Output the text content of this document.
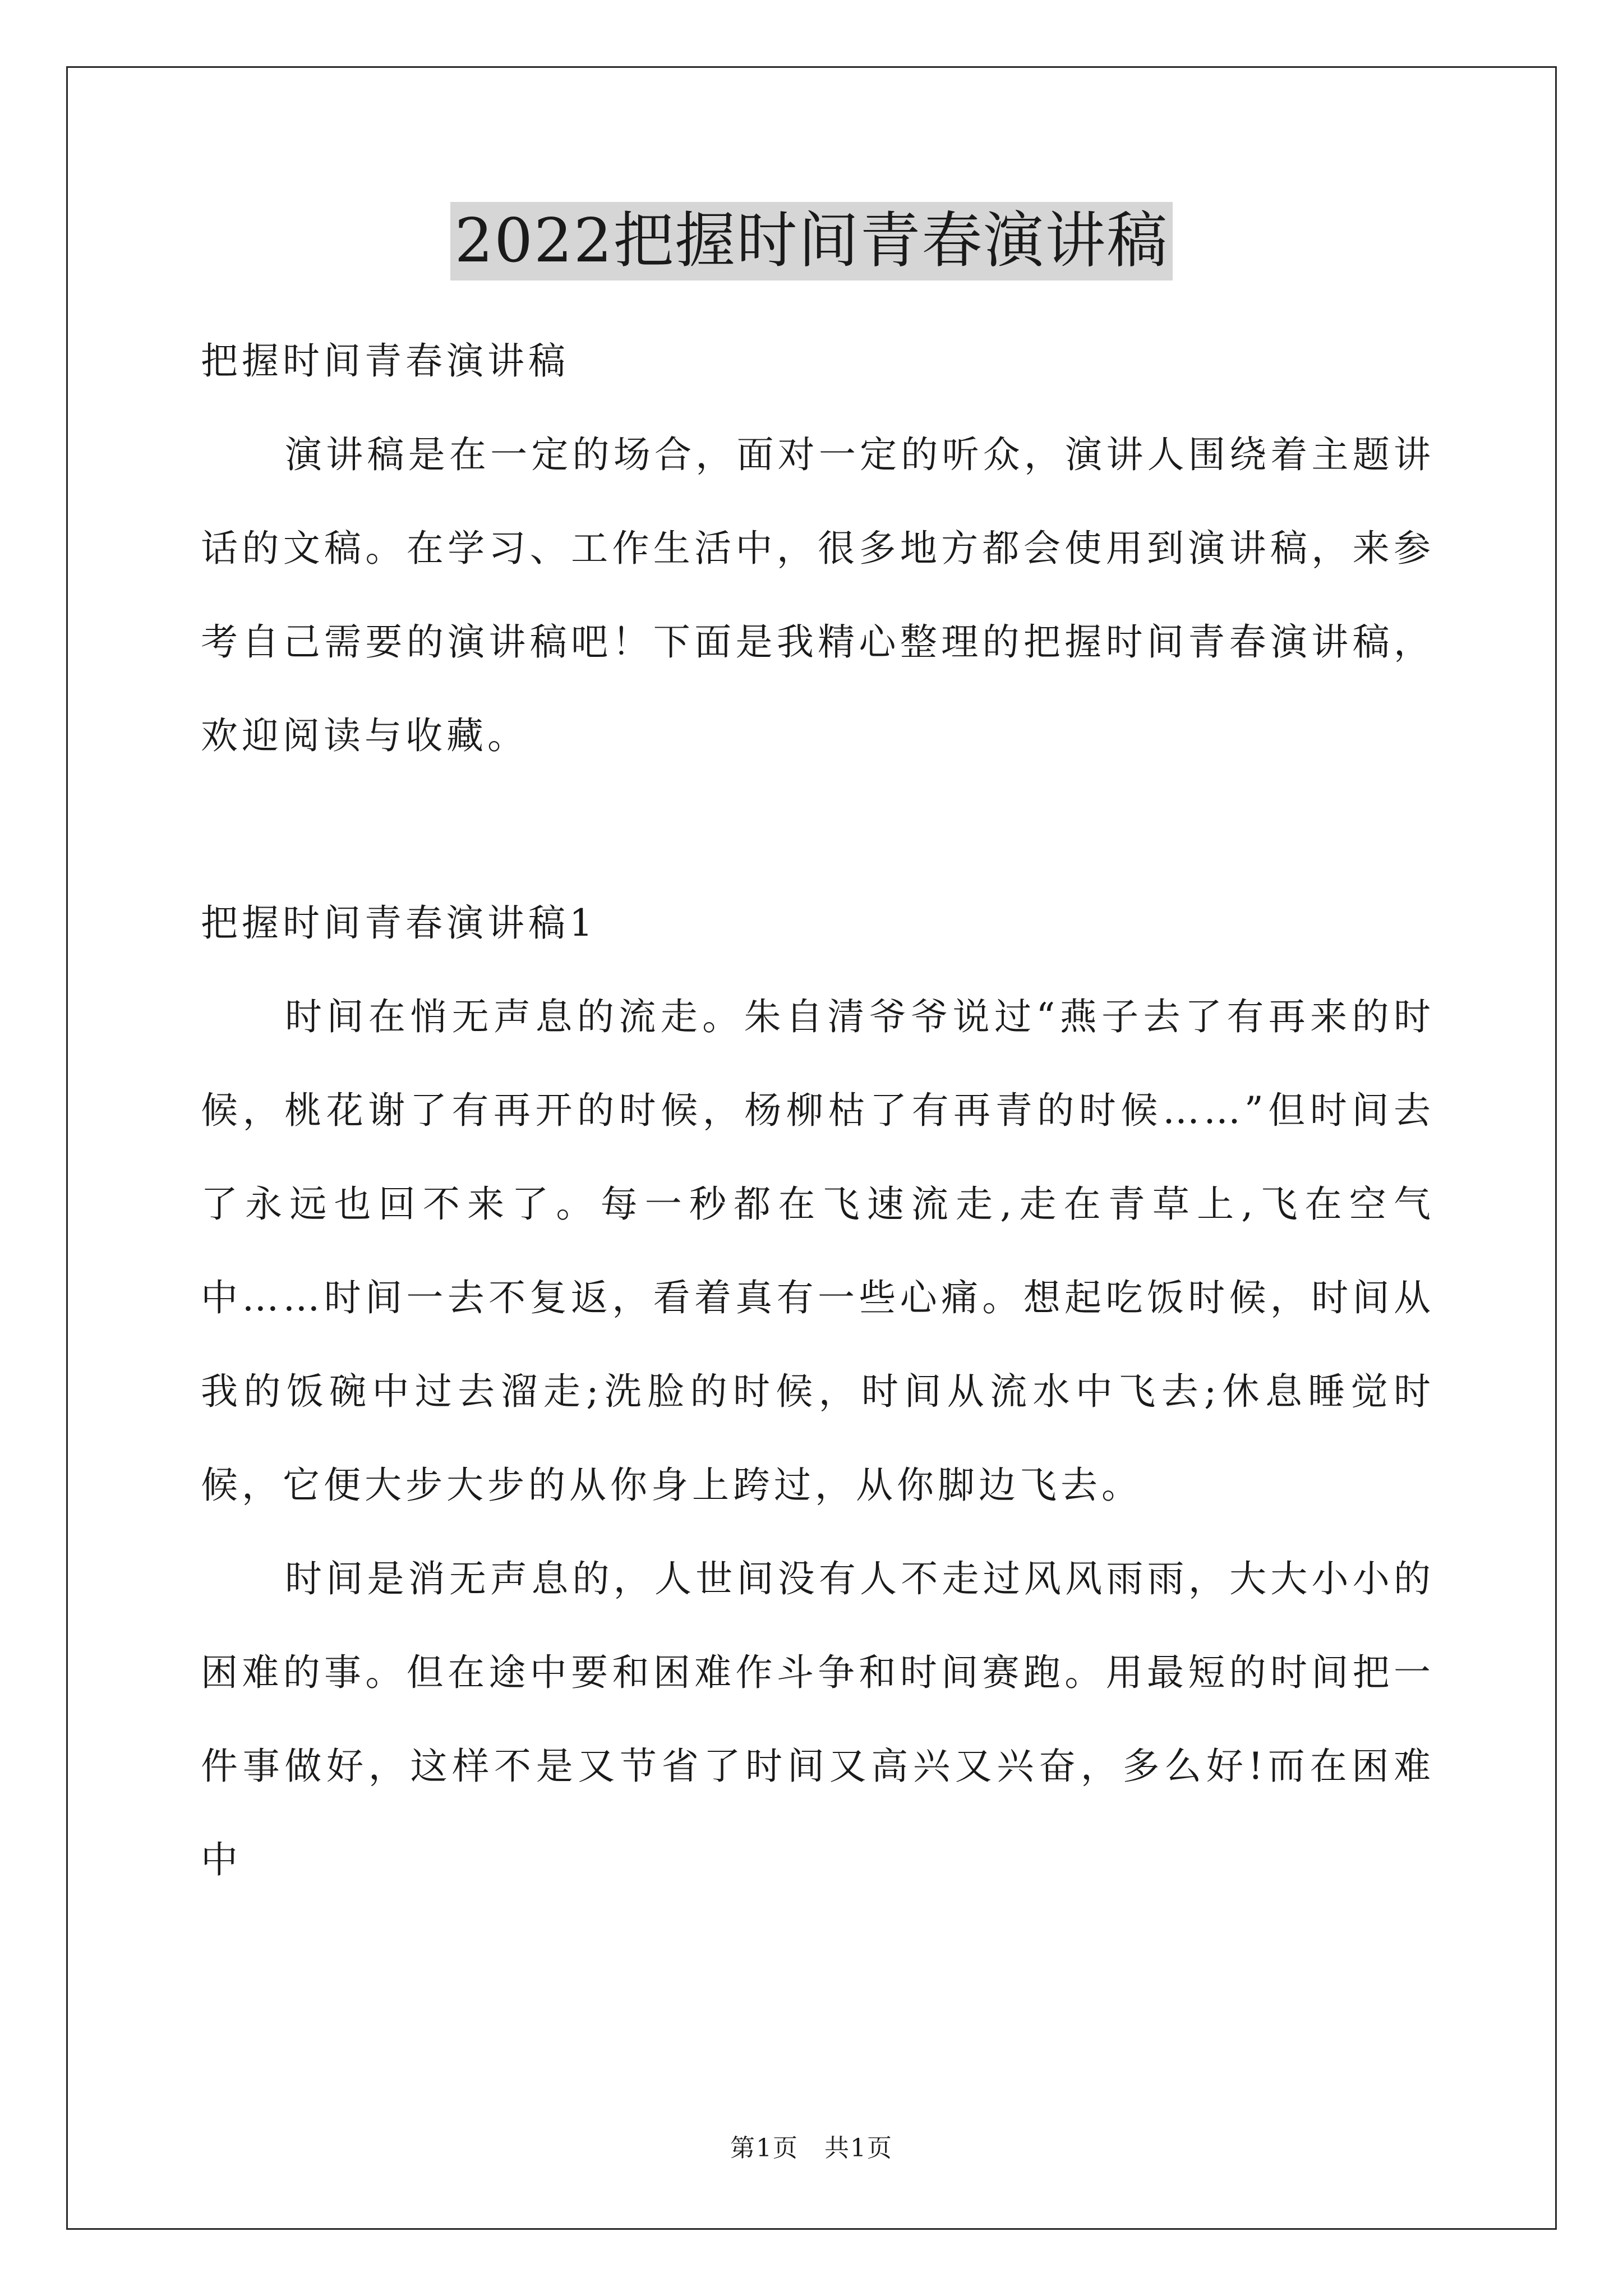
2022把握时间青春演讲稿

把握时间青春演讲稿

演讲稿是在一定的场合，面对一定的听众，演讲人围绕着主题讲话的文稿。在学习、工作生活中，很多地方都会使用到演讲稿，来参考自己需要的演讲稿吧！下面是我精心整理的把握时间青春演讲稿，欢迎阅读与收藏。

把握时间青春演讲稿1

时间在悄无声息的流走。朱自清爷爷说过“燕子去了有再来的时候，桃花谢了有再开的时候，杨柳枯了有再青的时候……”但时间去了永远也回不来了。每一秒都在飞速流走,走在青草上,飞在空气中……时间一去不复返，看着真有一些心痛。想起吃饭时候，时间从我的饭碗中过去溜走;洗脸的时候，时间从流水中飞去;休息睡觉时候，它便大步大步的从你身上跨过，从你脚边飞去。

时间是消无声息的，人世间没有人不走过风风雨雨，大大小小的困难的事。但在途中要和困难作斗争和时间赛跑。用最短的时间把一件事做好，这样不是又节省了时间又高兴又兴奋，多么好!而在困难中

第1页　共1页
